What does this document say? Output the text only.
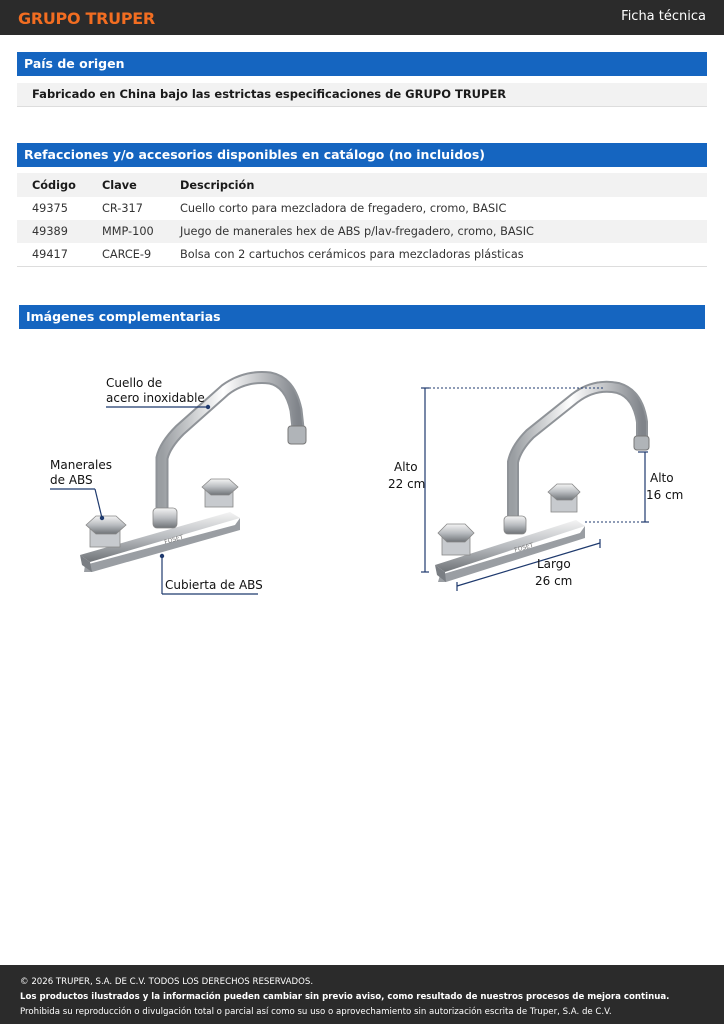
GRUPO TRUPER	Ficha técnica
País de origen
Fabricado en China bajo las estrictas especificaciones de GRUPO TRUPER
Refacciones y/o accesorios disponibles en catálogo (no incluidos)
Código	Clave	Descripción
49375	CR-317	Cuello corto para mezcladora de fregadero, cromo, BASIC
49389	MMP-100	Juego de manerales hex de ABS p/lav-fregadero, cromo, BASIC
49417	CARCE-9	Bolsa con 2 cartuchos cerámicos para mezcladoras plásticas
Imágenes complementarias
FOSET
Cuello de
acero inoxidable
Manerales
de ABS
Cubierta de ABS
FOSET
Alto
22 cm	Alto
16 cm
Largo
26 cm
© 2026 TRUPER, S.A. DE C.V. TODOS LOS DERECHOS RESERVADOS.
Los productos ilustrados y la información pueden cambiar sin previo aviso, como resultado de nuestros procesos de mejora continua.
Prohibida su reproducción o divulgación total o parcial así como su uso o aprovechamiento sin autorización escrita de Truper, S.A. de C.V.
